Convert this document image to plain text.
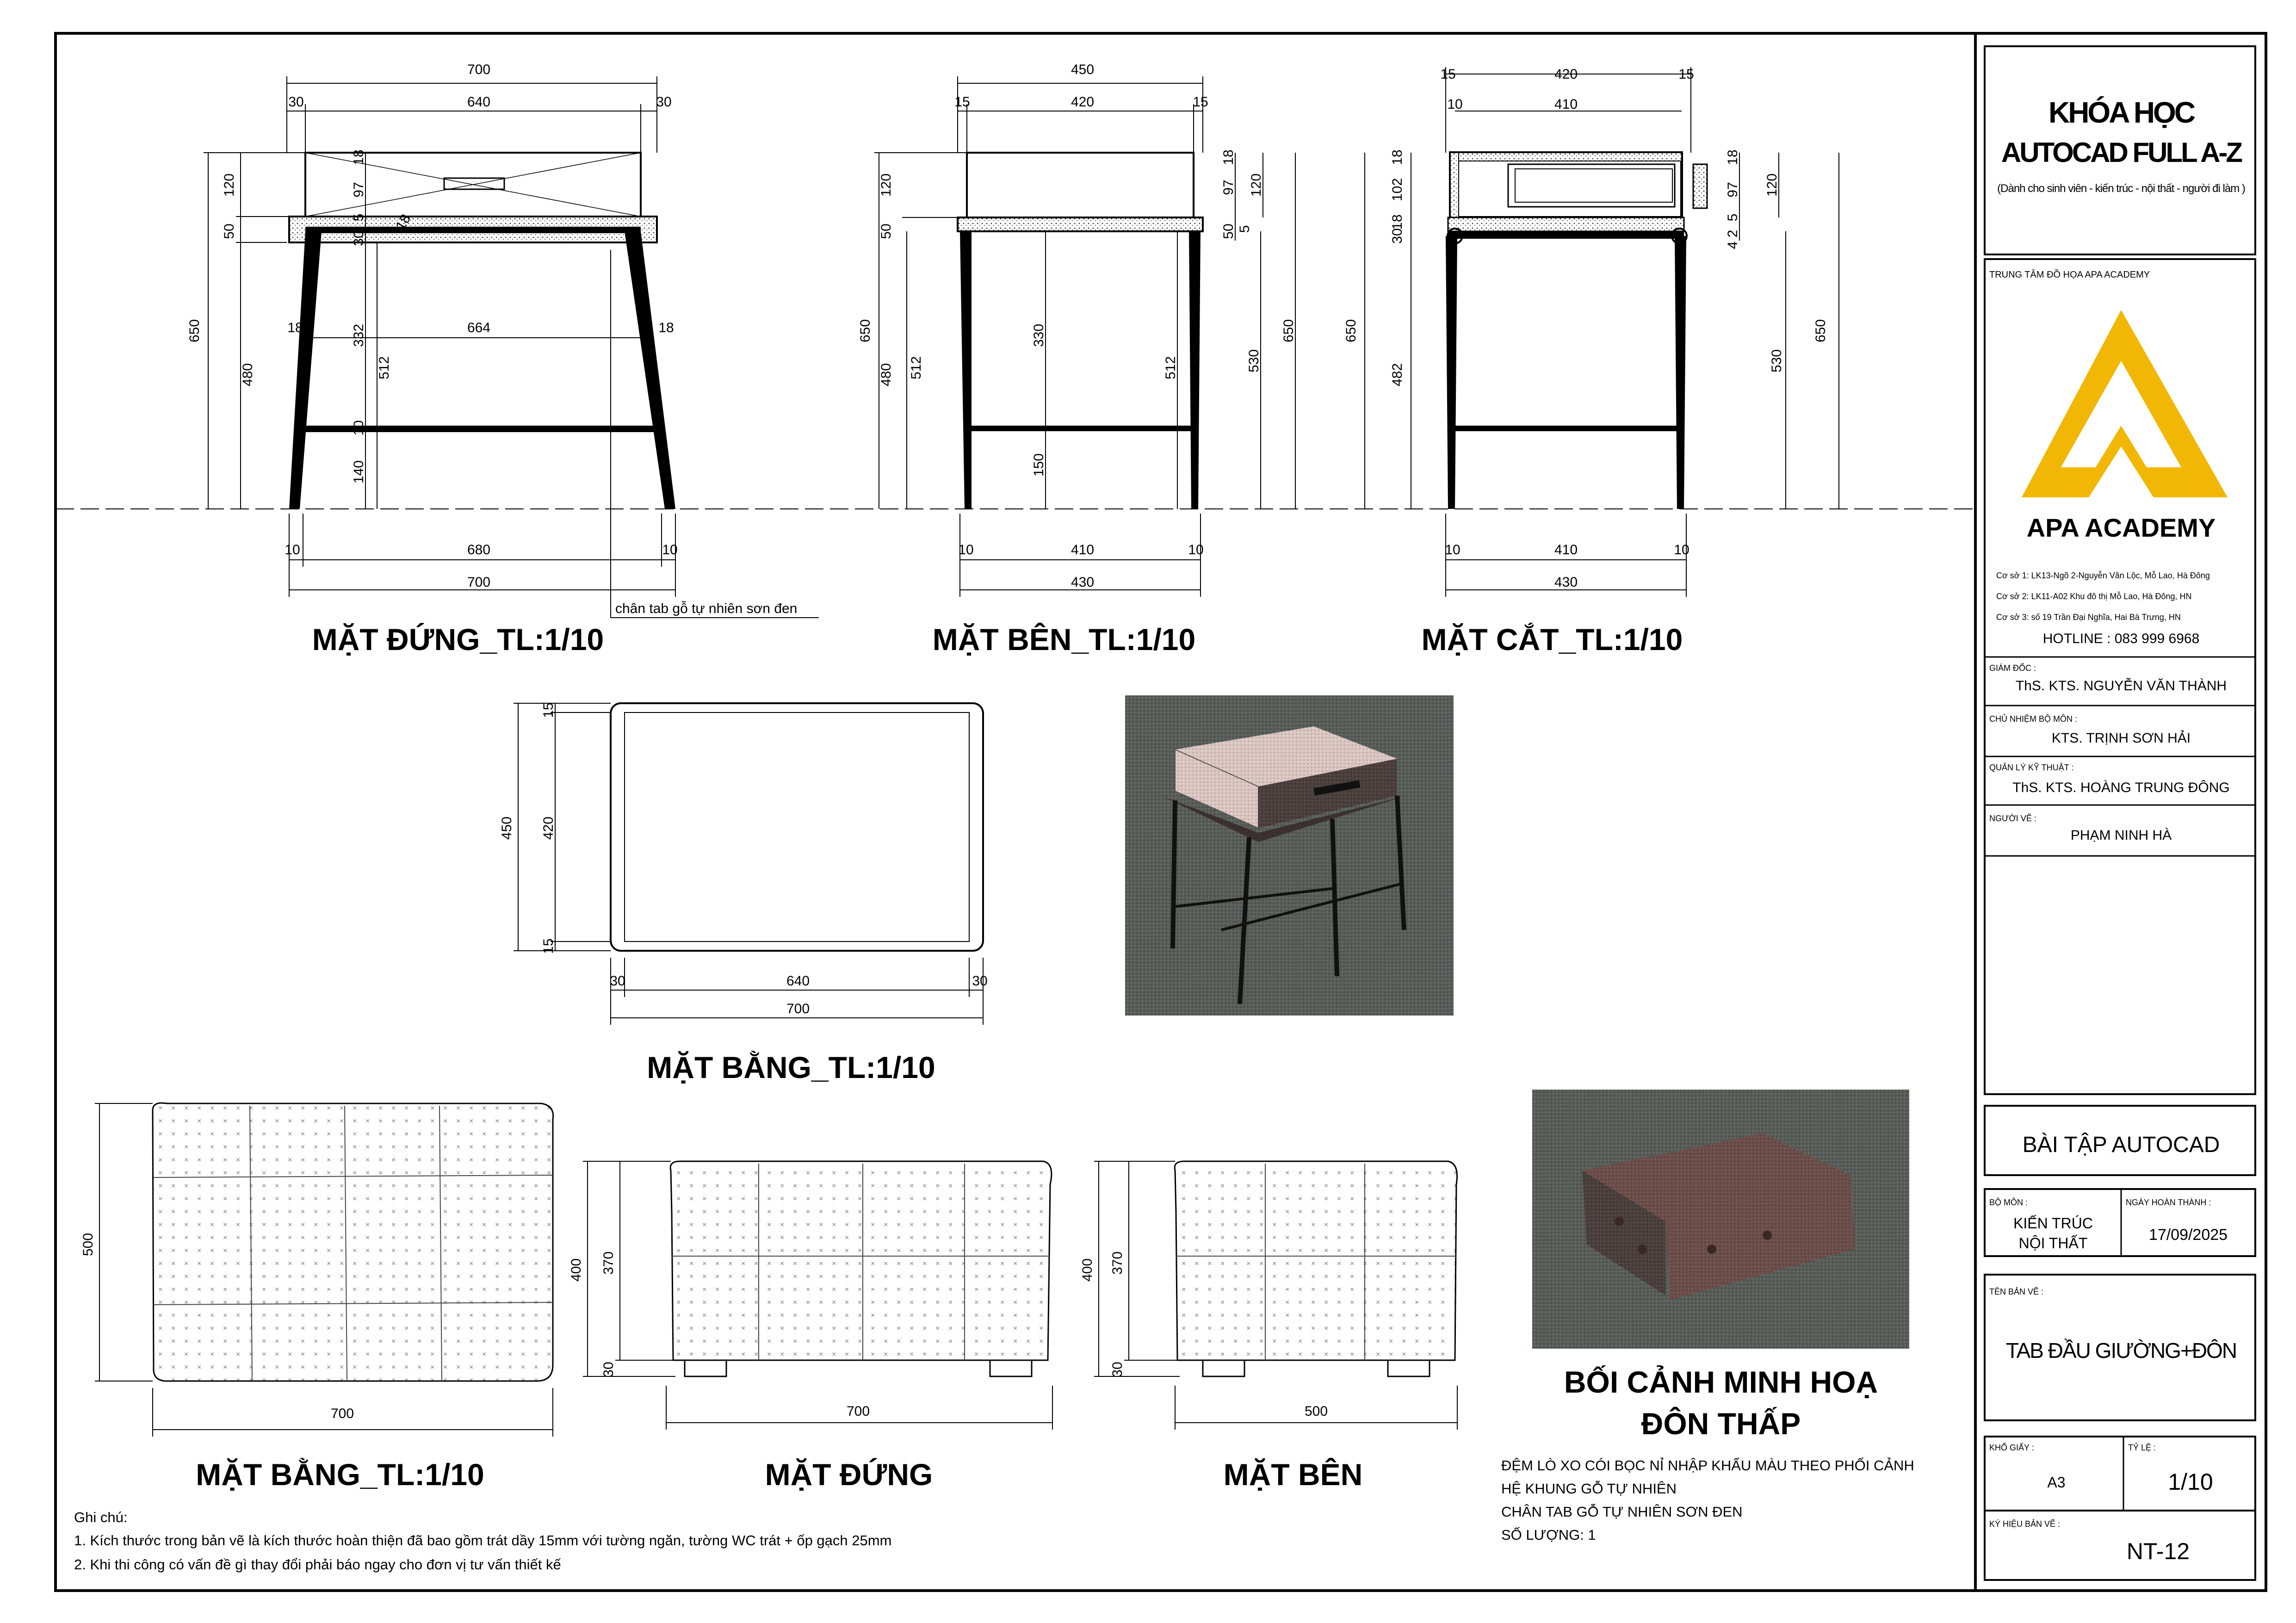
700
640
30	30
650
480
120
50
18
97
5
30
18
332
512
10
140
664
18	18
10	680	10
700
chân tab gỗ tự nhiên sơn đen
MẶT ĐỨNG_TL:1/10
450
420
15	15
650
480 512
120
50
330
150
512
18
97
50 5
530
120
650
10	410	10
430
MẶT BÊN_TL:1/10
15	420	15
10	410
650
482
18
102
18
30
18
97 120
5
2
4
530
650
10	410	10
430
MẶT CẮT_TL:1/10
450
15
420
15
30	640	30
700
MẶT BẰNG_TL:1/10
500
700
MẶT BẰNG_TL:1/10
400 370
30
700
MẶT ĐỨNG
400 370
30
500
MẶT BÊN
BỐI CẢNH MINH HOẠ
ĐÔN THẤP
ĐỆM LÒ XO CÓI BỌC NỈ NHẬP KHẨU MÀU THEO PHỐI CẢNH
HỆ KHUNG GỖ TỰ NHIÊN
CHÂN TAB GỖ TỰ NHIÊN SƠN ĐEN
SỐ LƯỢNG: 1
Ghi chú:
1. Kích thước trong bản vẽ là kích thước hoàn thiện đã bao gồm trát dầy 15mm với tường ngăn, tường WC trát + ốp gạch 25mm
2. Khi thi công có vấn đề gì thay đổi phải báo ngay cho đơn vị tư vấn thiết kế
KHÓA HỌC
AUTOCAD FULL A-Z
(Dành cho sinh viên - kiến trúc - nội thất - người đi làm )
TRUNG TÂM ĐỒ HỌA APA ACADEMY
APA ACADEMY
Cơ sở 1: LK13-Ngõ 2-Nguyễn Văn Lộc, Mỗ Lao, Hà Đông
Cơ sở 2: LK11-A02 Khu đô thị Mỗ Lao, Hà Đông, HN
Cơ sở 3: số 19 Trần Đại Nghĩa, Hai Bà Trưng, HN
HOTLINE : 083 999 6968
GIÁM ĐỐC :
ThS. KTS. NGUYỄN VĂN THÀNH
CHỦ NHIỆM BỘ MÔN :
KTS. TRỊNH SƠN HẢI
QUẢN LÝ KỸ THUẬT :
ThS. KTS. HOÀNG TRUNG ĐÔNG
NGƯỜI VẼ :
PHẠM NINH HÀ
BÀI TẬP AUTOCAD
BỘ MÔN :
KIẾN TRÚC
NỘI THẤT
NGÀY HOÀN THÀNH :
17/09/2025
TÊN BẢN VẼ :
TAB ĐẦU GIƯỜNG+ĐÔN
KHỔ GIẤY :
A3
TỶ LỆ :
1/10
KÝ HIỆU BẢN VẼ :
NT-12
